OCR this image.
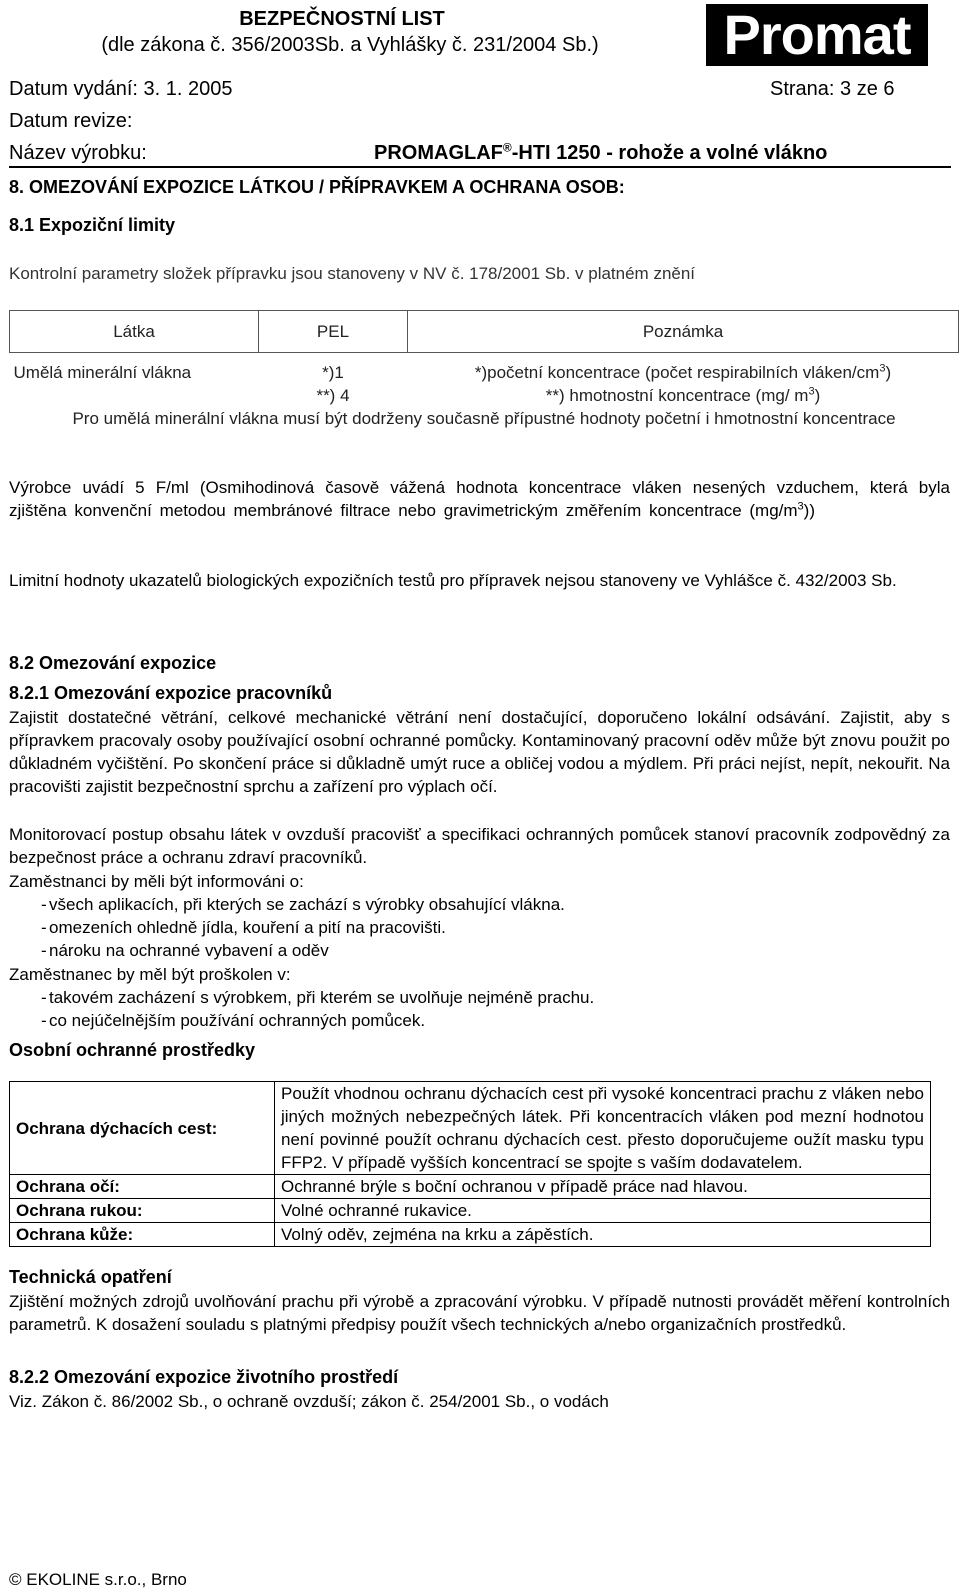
BEZPEČNOSTNÍ LIST
(dle zákona č. 356/2003Sb. a Vyhlášky č. 231/2004 Sb.)	Promat
Datum vydání: 3. 1. 2005	Strana: 3 ze 6
Datum revize:
Název výrobku:	PROMAGLAF®-HTI 1250 - rohože a volné vlákno
8. OMEZOVÁNÍ EXPOZICE LÁTKOU / PŘÍPRAVKEM A OCHRANA OSOB:
8.1 Expoziční limity
Kontrolní parametry složek přípravku jsou stanoveny v NV č. 178/2001 Sb. v platném znění
Látka	PEL	Poznámka

Umělá minerální vlákna	*)1	*)početní koncentrace (počet respirabilních vláken/$cm^3$)
	**) 4	**) hmotnostní koncentrace (mg/ $m^3$)
Pro umělá minerální vlákna musí být dodrženy současně přípustné hodnoty početní i hmotnostní koncentrace		
Výrobce uvádí 5 F/ml (Osmihodinová časově vážená hodnota koncentrace vláken nesených vzduchem, která byla zjištěna konvenční metodou membránové filtrace nebo gravimetrickým změřením koncentrace $(mg/m^3)$)
Limitní hodnoty ukazatelů biologických expozičních testů pro přípravek nejsou stanoveny ve Vyhlášce č. 432/2003 Sb.
8.2 Omezování expozice
8.2.1 Omezování expozice pracovníků
Zajistit dostatečné větrání, celkové mechanické větrání není dostačující, doporučeno lokální odsávání. Zajistit, aby s přípravkem pracovaly osoby používající osobní ochranné pomůcky. Kontaminovaný pracovní oděv může být znovu použit po důkladném vyčištění. Po skončení práce si důkladně umýt ruce a obličej vodou a mýdlem. Při práci nejíst, nepít, nekouřit. Na pracovišti zajistit bezpečnostní sprchu a zařízení pro výplach očí.
Monitorovací postup obsahu látek v ovzduší pracovišť a specifikaci ochranných pomůcek stanoví pracovník zodpovědný za bezpečnost práce a ochranu zdraví pracovníků.
Zaměstnanci by měli být informováni o:
- všech aplikacích, při kterých se zachází s výrobky obsahující vlákna.
- omezeních ohledně jídla, kouření a pití na pracovišti.
- nároku na ochranné vybavení a oděv
Zaměstnanec by měl být proškolen v:
- takovém zacházení s výrobkem, při kterém se uvolňuje nejméně prachu.
- co nejúčelnějším používání ochranných pomůcek.
Osobní ochranné prostředky
Ochrana dýchacích cest:	Použít vhodnou ochranu dýchacích cest při vysoké koncentraci prachu z vláken nebo jiných možných nebezpečných látek. Při koncentracích vláken pod mezní hodnotou není povinné použít ochranu dýchacích cest. přesto doporučujeme oužít masku typu FFP2. V případě vyšších koncentrací se spojte s vaším dodavatelem.
Ochrana očí:	Ochranné brýle s boční ochranou v případě práce nad hlavou.
Ochrana rukou:	Volné ochranné rukavice.
Ochrana kůže:	Volný oděv, zejména na krku a zápěstích.
Technická opatření
Zjištění možných zdrojů uvolňování prachu při výrobě a zpracování výrobku. V případě nutnosti provádět měření kontrolních parametrů. K dosažení souladu s platnými předpisy použít všech technických a/nebo organizačních prostředků.
8.2.2 Omezování expozice životního prostředí
Viz. Zákon č. 86/2002 Sb., o ochraně ovzduší; zákon č. 254/2001 Sb., o vodách
© EKOLINE s.r.o., Brno
